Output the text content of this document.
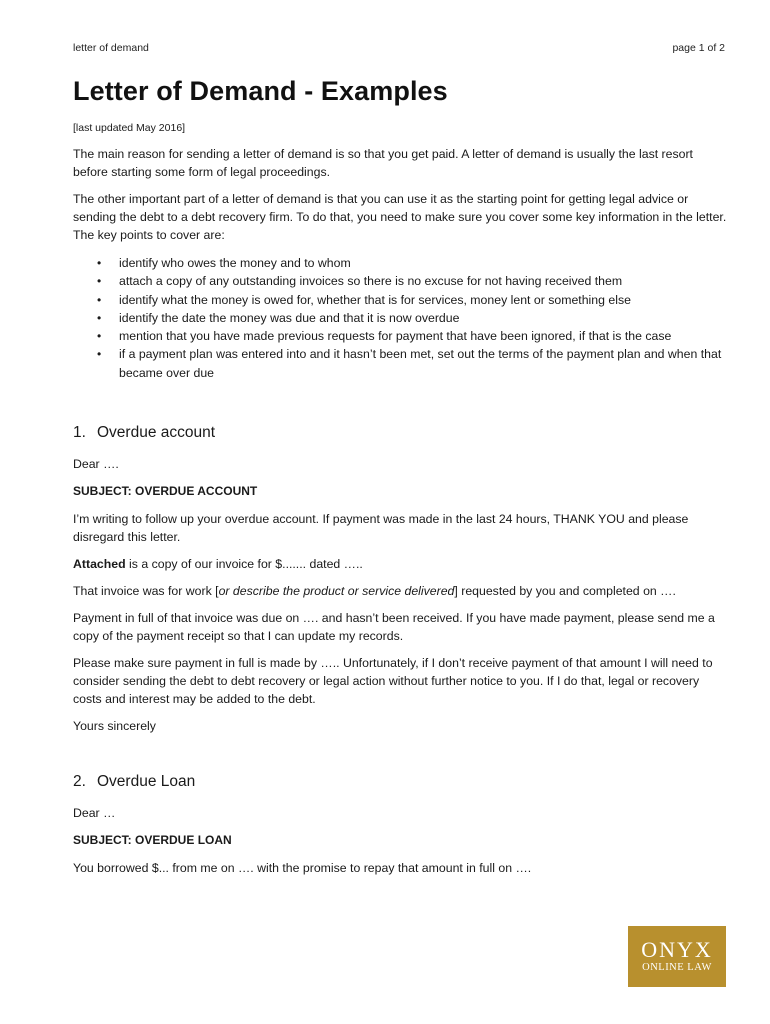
letter of demand	page 1 of 2
Letter of Demand - Examples
[last updated May 2016]

The main reason for sending a letter of demand is so that you get paid. A letter of demand is usually the last resort before starting some form of legal proceedings.

The other important part of a letter of demand is that you can use it as the starting point for getting legal advice or sending the debt to a debt recovery firm. To do that, you need to make sure you cover some key information in the letter. The key points to cover are:

• identify who owes the money and to whom
• attach a copy of any outstanding invoices so there is no excuse for not having received them
• identify what the money is owed for, whether that is for services, money lent or something else
• identify the date the money was due and that it is now overdue
• mention that you have made previous requests for payment that have been ignored, if that is the case
• if a payment plan was entered into and it hasn’t been met, set out the terms of the payment plan and when that became over due
1. Overdue account

Dear ….

SUBJECT: OVERDUE ACCOUNT

I’m writing to follow up your overdue account. If payment was made in the last 24 hours, THANK YOU and please disregard this letter.

Attached is a copy of our invoice for $....... dated …..

That invoice was for work [or describe the product or service delivered] requested by you and completed on ….

Payment in full of that invoice was due on …. and hasn’t been received. If you have made payment, please send me a copy of the payment receipt so that I can update my records.

Please make sure payment in full is made by ….. Unfortunately, if I don’t receive payment of that amount I will need to consider sending the debt to debt recovery or legal action without further notice to you. If I do that, legal or recovery costs and interest may be added to the debt.

Yours sincerely

2. Overdue Loan

Dear …

SUBJECT: OVERDUE LOAN

You borrowed $... from me on …. with the promise to repay that amount in full on ….

ONYX
ONLINE LAW
